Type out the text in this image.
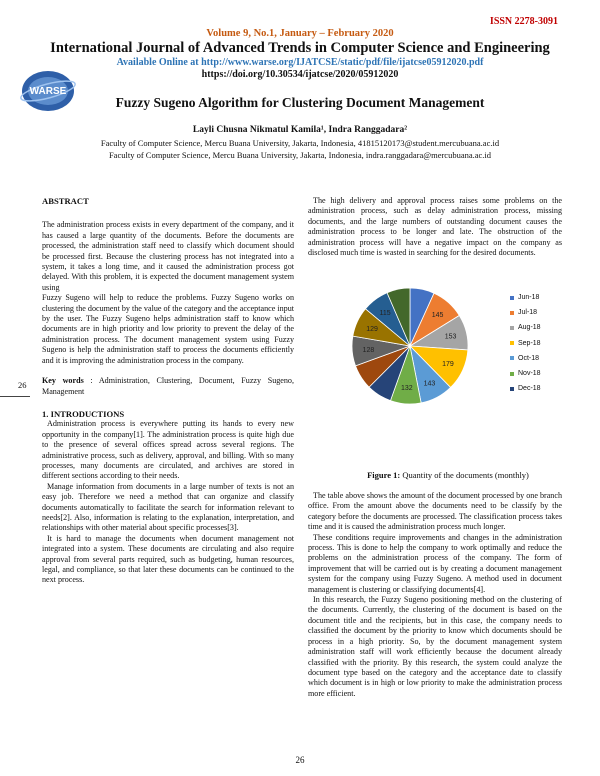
ISSN 2278-3091
Volume 9, No.1, January – February 2020
International Journal of Advanced Trends in Computer Science and Engineering
Available Online at http://www.warse.org/IJATCSE/static/pdf/file/ijatcse05912020.pdf
https://doi.org/10.30534/ijatcse/2020/05912020
WARSE
Fuzzy Sugeno Algorithm for Clustering Document Management
Layli Chusna Nikmatul Kamila¹, Indra Ranggadara²
Faculty of Computer Science, Mercu Buana University, Jakarta, Indonesia, 41815120173@student.mercubuana.ac.id
Faculty of Computer Science, Mercu Buana University, Jakarta, Indonesia, indra.ranggadara@mercubuana.ac.id
26
ABSTRACT

The administration process exists in every department of the company, and it has caused a large quantity of the documents. Before the documents are processed, the administration staff need to classify which document should be processed first. Because the clustering process has not integrated into a system, it takes a long time, and it caused the administration process got delayed. With this problem, it is expected the document management system using

Fuzzy Sugeno will help to reduce the problems. Fuzzy Sugeno works on clustering the document by the value of the category and the acceptance input by the user. The Fuzzy Sugeno helps administration staff to know which documents are in high priority and low priority to prevent the delay of the administration process. The document management system using Fuzzy Sugeno is help the administration staff to process the documents efficiently and it is improving the administration process in the company.

Key words : Administration, Clustering, Document, Fuzzy Sugeno, Management

1. INTRODUCTIONS

Administration process is everywhere putting its hands to every new opportunity in the company[1]. The administration process is quite high due to the presence of several offices spread across several regions. The administrative process, such as delivery, approval, and billing. With so many processes, many documents are circulated, and archives are stored in different sections according to their needs.

Manage information from documents in a large number of texts is not an easy job. Therefore we need a method that can organize and classify documents automatically to facilitate the search for information relevant to needs[2]. Also, information is relating to the explanation, interpretation, and relationships with other material about specific processes[3].

It is hard to manage the documents when document management not integrated into a system. These documents are circulating and also require approval from several parts required, such as budgeting, human resources, legal, and compliance, so that later these documents can be continued to the next process.

The high delivery and approval process raises some problems on the administration process, such as delay administration process, missing documents, and the large numbers of outstanding document causes the administration process to be longer and late. The obstruction of the administration process will have a negative impact on the company as disclosed much time is wasted in searching for the desired documents.

145
153
179
143
132
128
129
115
Jun-18
Jul-18
Aug-18
Sep-18
Oct-18
Nov-18
Dec-18
Figure 1: Quantity of the documents (monthly)

The table above shows the amount of the document processed by one branch office. From the amount above the documents need to be classify by the category before the documents are processed. The classification process takes time and it is caused the administration process much longer.

These conditions require improvements and changes in the administration process. This is done to help the company to work optimally and reduce the problems on the administration process of the company. The form of improvement that will be carried out is by creating a document management system for the company using Fuzzy Sugeno. A method used in document management is clustering or classifying documents[4].

In this research, the Fuzzy Sugeno positioning method on the clustering of the documents. Currently, the clustering of the document is based on the document title and the recipients, but in this case, the company needs to classified the document by the priority to know which documents should be process in a high priority. So, by the document management system administration staff will work efficiently because the document already classified with the priority. By this research, the system could analyze the document type based on the category and the acceptance date to classify which document is in high or low priority to make the administration process more efficient.

26
